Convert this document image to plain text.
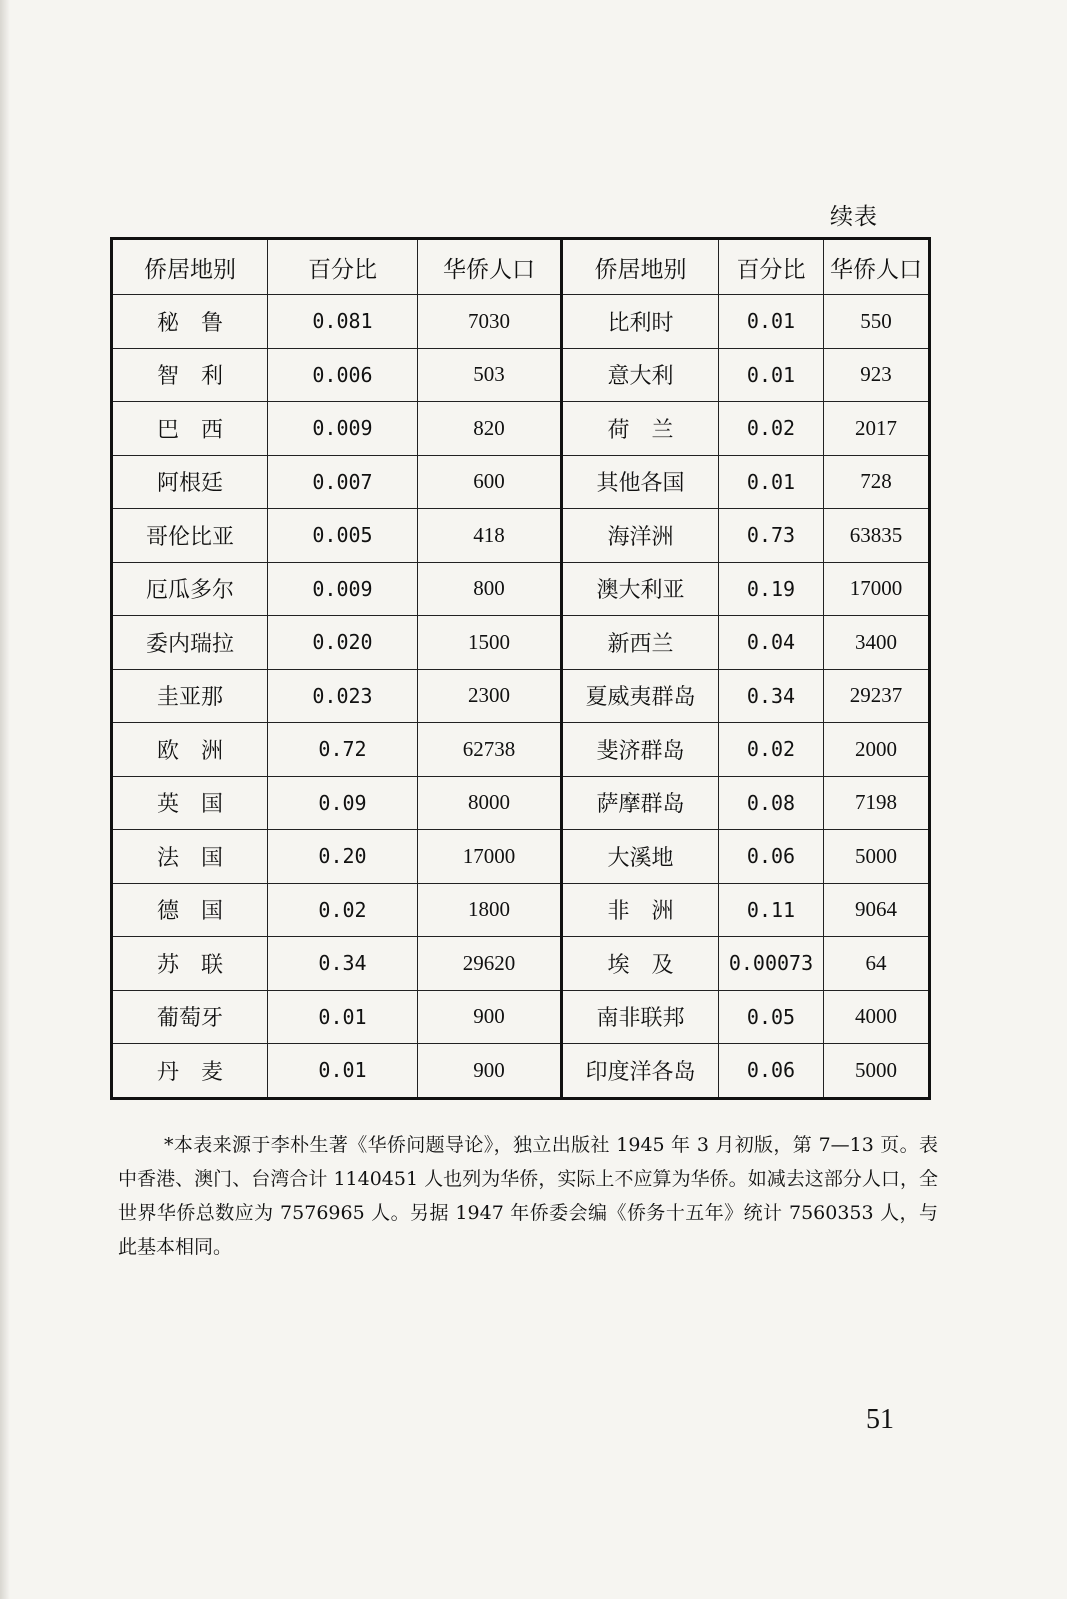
续表
侨居地别	百分比	华侨人口	侨居地别	百分比	华侨人口
秘　鲁	0.081	7030	比利时	0.01	550
智　利	0.006	503	意大利	0.01	923
巴　西	0.009	820	荷　兰	0.02	2017
阿根廷	0.007	600	其他各国	0.01	728
哥伦比亚	0.005	418	海洋洲	0.73	63835
厄瓜多尔	0.009	800	澳大利亚	0.19	17000
委内瑞拉	0.020	1500	新西兰	0.04	3400
圭亚那	0.023	2300	夏威夷群岛	0.34	29237
欧　洲	0.72	62738	斐济群岛	0.02	2000
英　国	0.09	8000	萨摩群岛	0.08	7198
法　国	0.20	17000	大溪地	0.06	5000
德　国	0.02	1800	非　洲	0.11	9064
苏　联	0.34	29620	埃　及	0.00073	64
葡萄牙	0.01	900	南非联邦	0.05	4000
丹　麦	0.01	900	印度洋各岛	0.06	5000
*本表来源于李朴生著《华侨问题导论》，独立出版社 1945 年 3 月初版，第 7—13 页。表中香港、澳门、台湾合计 1140451 人也列为华侨，实际上不应算为华侨。如减去这部分人口，全世界华侨总数应为 7576965 人。另据 1947 年侨委会编《侨务十五年》统计 7560353 人，与此基本相同。
51
